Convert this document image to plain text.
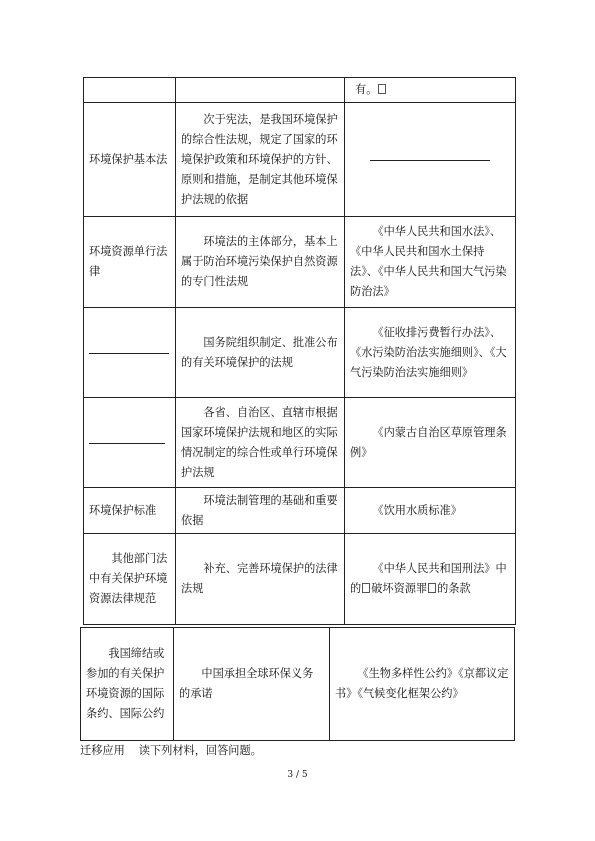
		有。
环境保护基本法	次于宪法，是我国环境保护的综合性法规，规定了国家的环境保护政策和环境保护的方针、原则和措施，是制定其他环境保护法规的依据	
环境资源单行法律	环境法的主体部分，基本上属于防治环境污染保护自然资源的专门性法规	《中华人民共和国水法》、《中华人民共和国水土保持法》、《中华人民共和国大气污染防治法》
	国务院组织制定、批准公布的有关环境保护的法规	《征收排污费暂行办法》、《水污染防治法实施细则》、《大气污染防治法实施细则》
	各省、自治区、直辖市根据国家环境保护法规和地区的实际情况制定的综合性或单行环境保护法规	《内蒙古自治区草原管理条例》
环境保护标准	环境法制管理的基础和重要依据	《饮用水质标准》
其他部门法中有关保护环境资源法律规范	补充、完善环境保护的法律法规	《中华人民共和国刑法》中的 破坏资源罪 的条款
我国缔结或参加的有关保护环境资源的国际条约、国际公约	中国承担全球环保义务的承诺	《生物多样性公约》《京都议定书》《气候变化框架公约》
迁移应用 读下列材料，回答问题。
3 / 5
